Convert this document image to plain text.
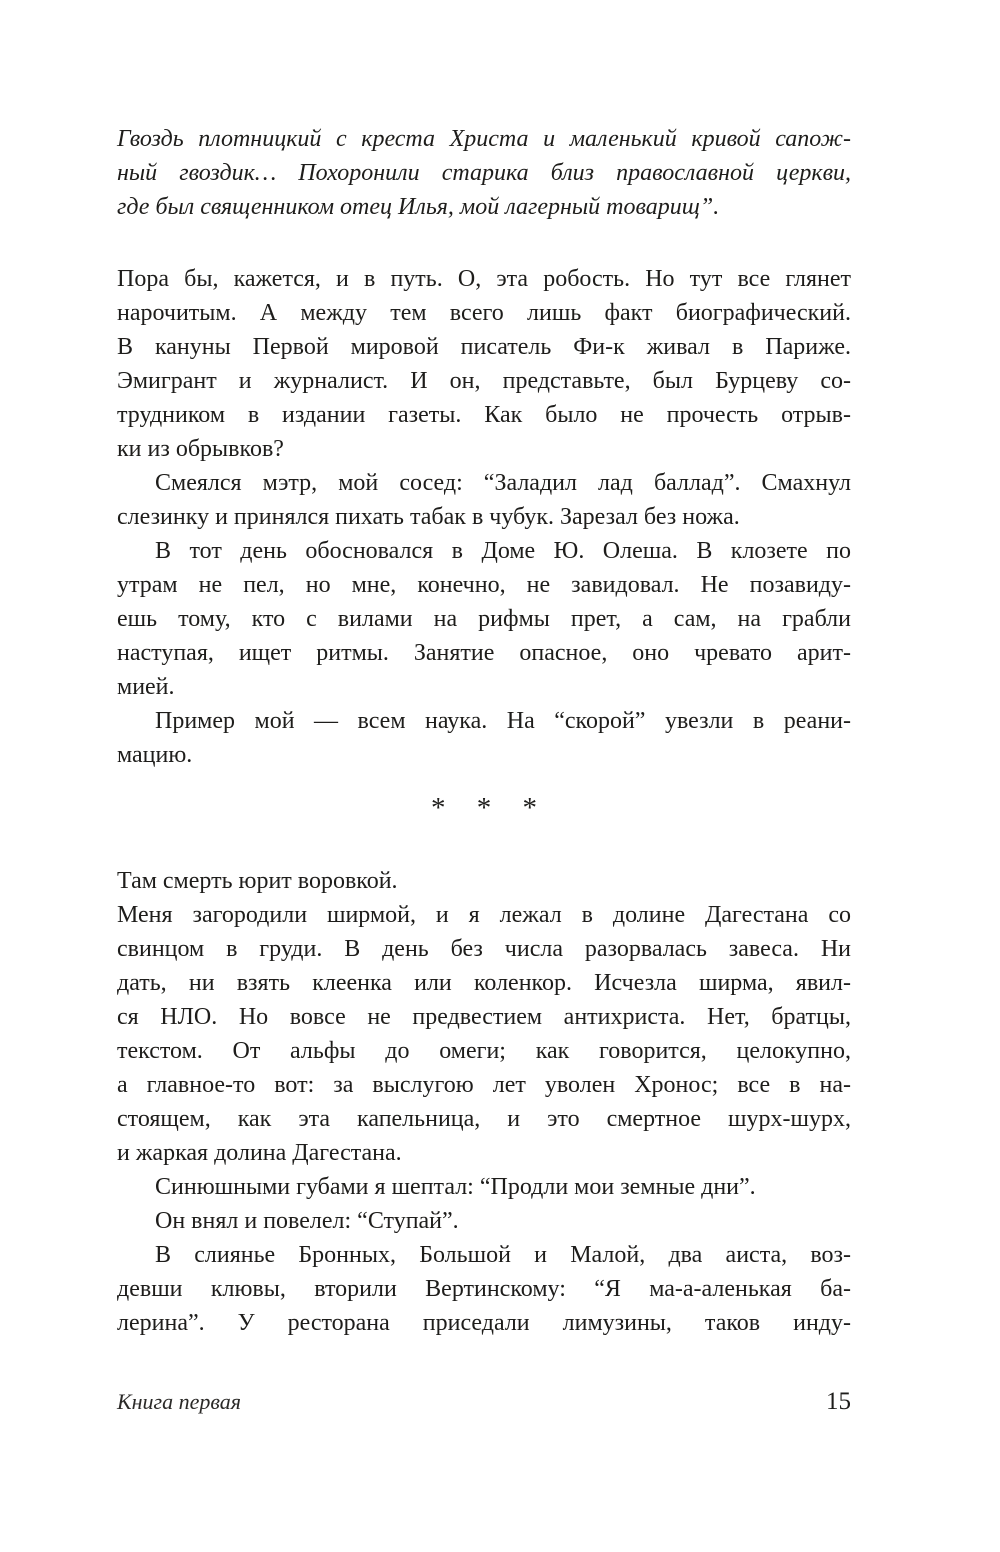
Гвоздь плотницкий с креста Христа и маленький кривой сапож-
ный гвоздик… Похоронили старика близ православной церкви,
где был священником отец Илья, мой лагерный товарищ”.
Пора бы, кажется, и в путь. О, эта робость. Но тут все глянет
нарочитым. А между тем всего лишь факт биографический.
В кануны Первой мировой писатель Фи-к живал в Париже.
Эмигрант и журналист. И он, представьте, был Бурцеву со-
трудником в издании газеты. Как было не прочесть отрыв-
ки из обрывков?
Смеялся мэтр, мой сосед: “Заладил лад баллад”. Смахнул
слезинку и принялся пихать табак в чубук. Зарезал без ножа.
В тот день обосновался в Доме Ю. Олеша. В клозете по
утрам не пел, но мне, конечно, не завидовал. Не позавиду-
ешь тому, кто с вилами на рифмы прет, а сам, на грабли
наступая, ищет ритмы. Занятие опасное, оно чревато арит-
мией.
Пример мой — всем наука. На “скорой” увезли в реани-
мацию.
* * *
Там смерть юрит воровкой.
Меня загородили ширмой, и я лежал в долине Дагестана со
свинцом в груди. В день без числа разорвалась завеса. Ни
дать, ни взять клеенка или коленкор. Исчезла ширма, явил-
ся НЛО. Но вовсе не предвестием антихриста. Нет, братцы,
текстом. От альфы до омеги; как говорится, целокупно,
а главное-то вот: за выслугою лет уволен Хронос; все в на-
стоящем, как эта капельница, и это смертное шурх-шурх,
и жаркая долина Дагестана.
Синюшными губами я шептал: “Продли мои земные дни”.
Он внял и повелел: “Ступай”.
В слиянье Бронных, Большой и Малой, два аиста, воз-
девши клювы, вторили Вертинскому: “Я ма-а-аленькая ба-
лерина”. У ресторана приседали лимузины, таков инду-
Книга первая	15
